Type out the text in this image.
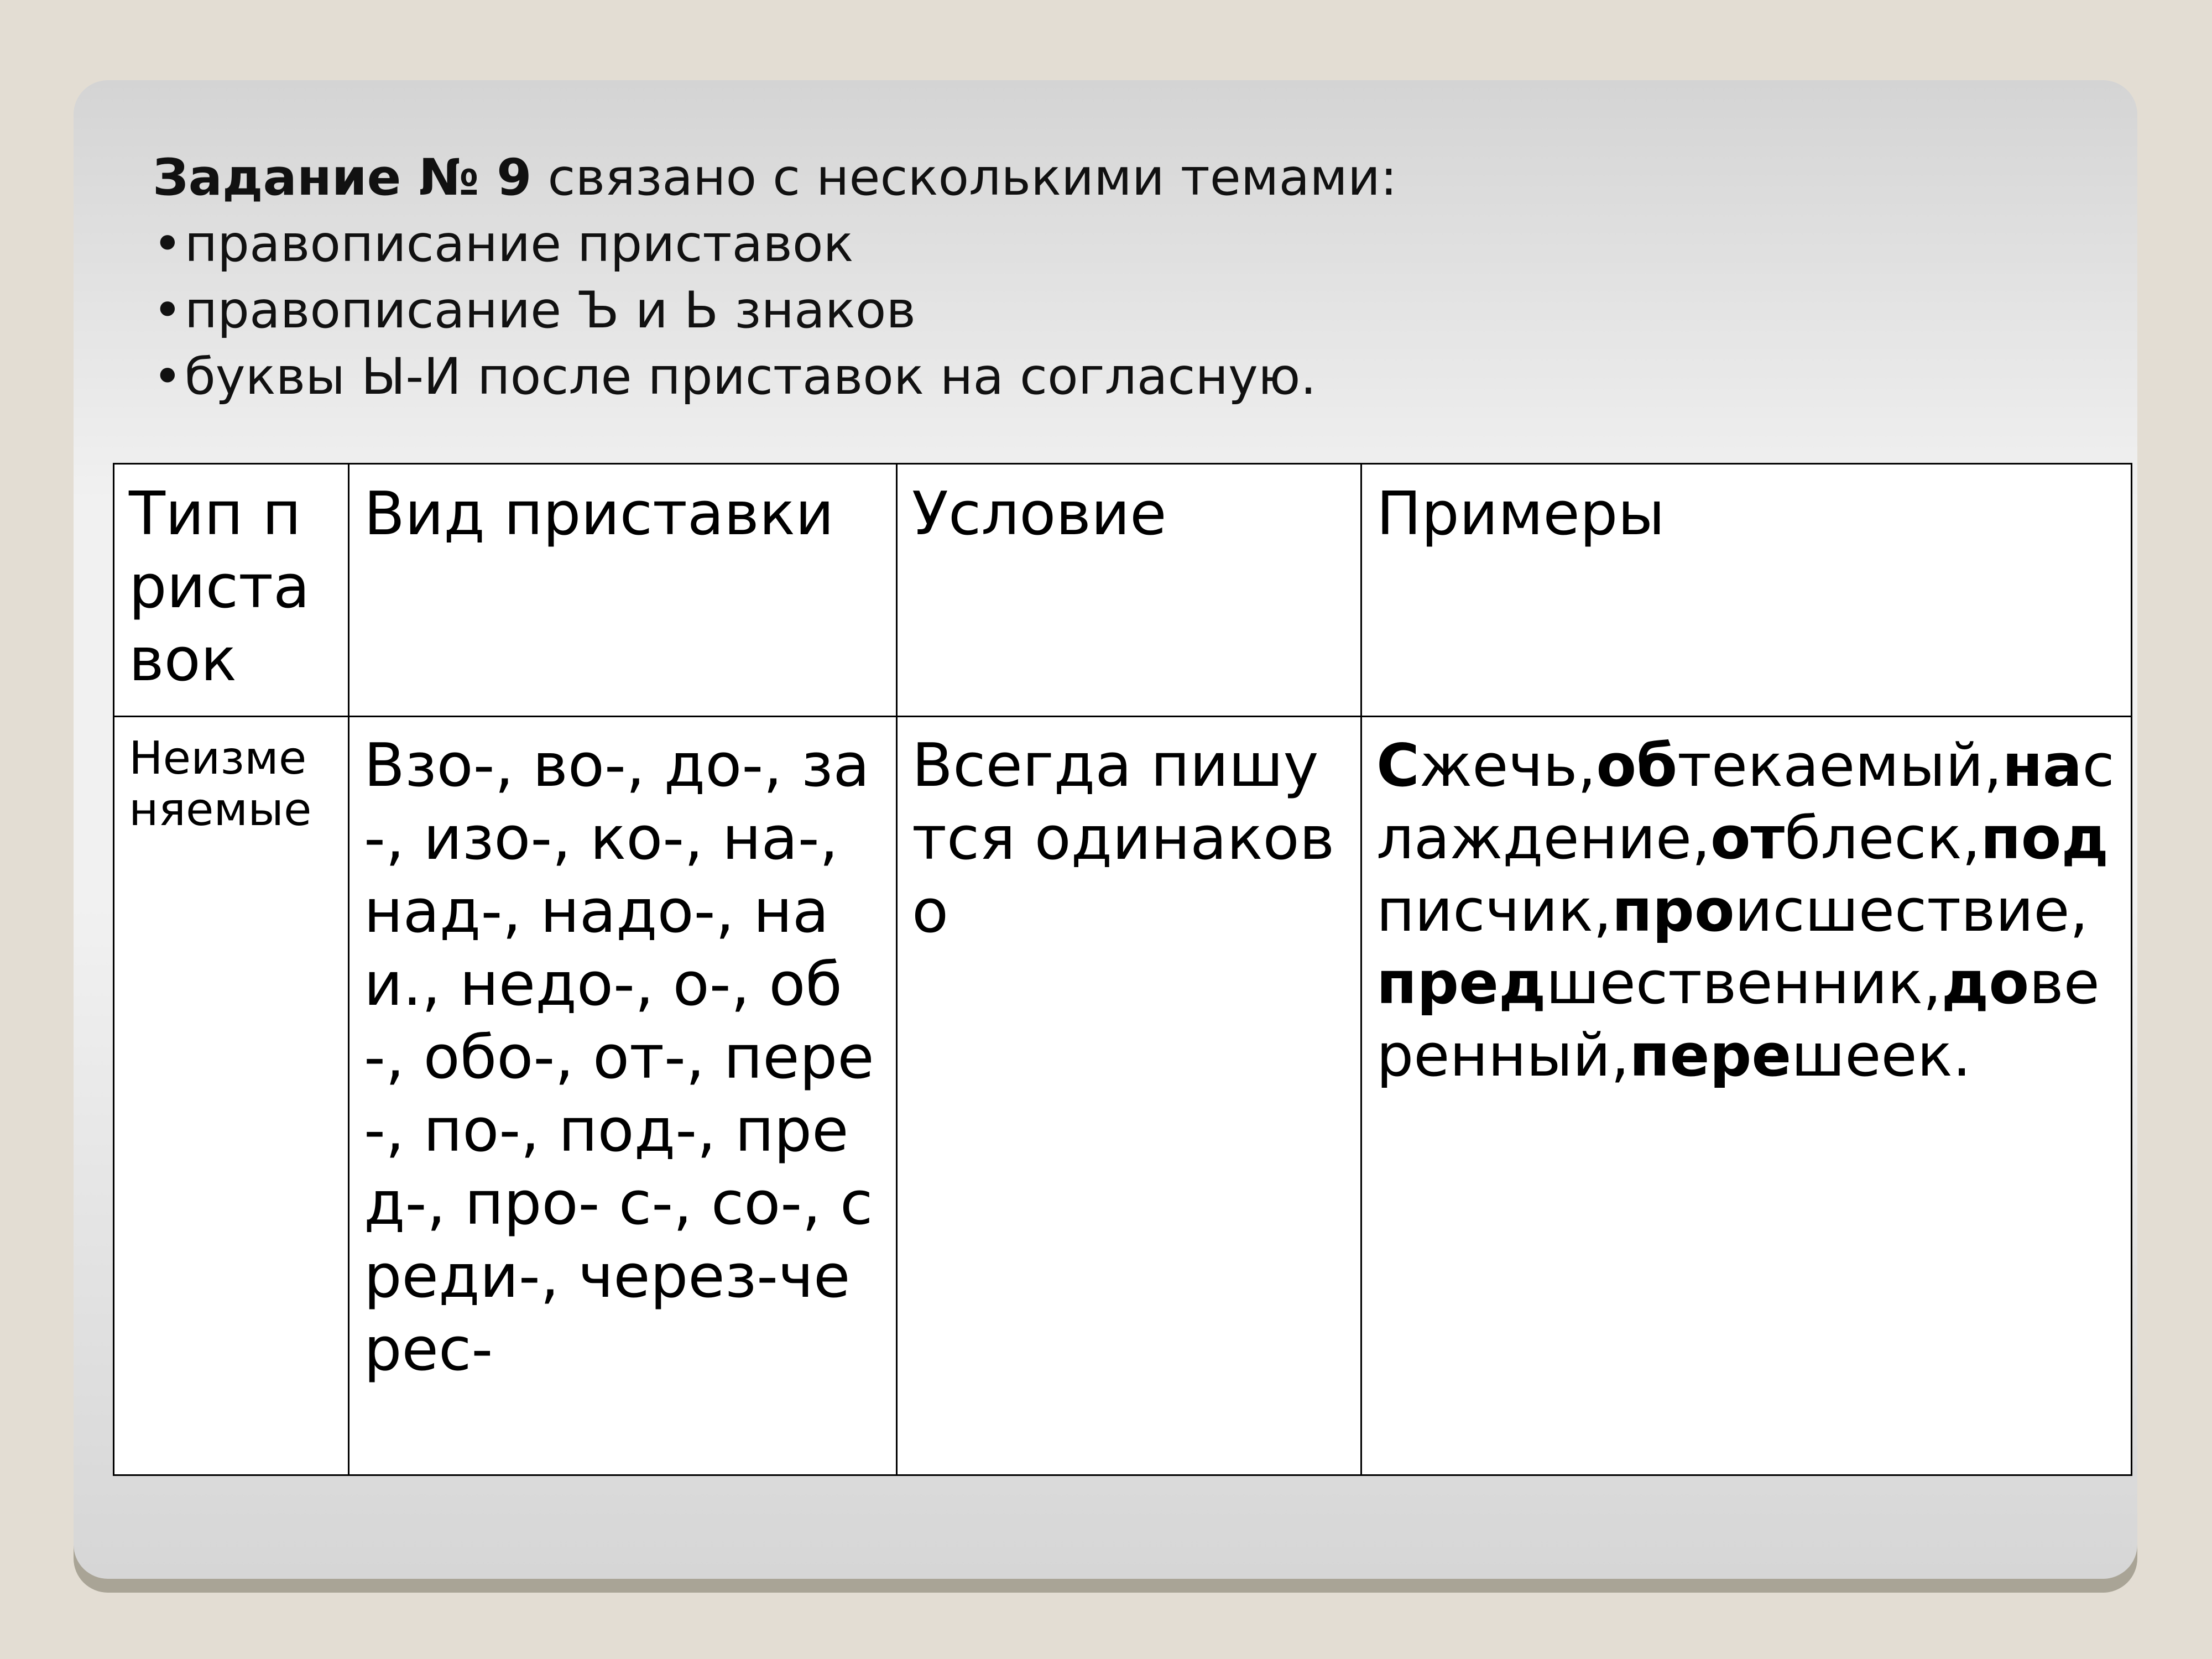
Задание № 9 связано с несколькими темами:
•правописание приставок
•правописание Ъ и Ь знаков
•буквы Ы-И после приставок на согласную.
Тип приставок	Вид приставки	Условие	Примеры
Неизменяемые	Взо-, во-, до-, за-, изо-, ко-, на-, над-, надо-, наи., недо-, о-, об-, обо-, от-, пере-, по-, под-, пред-, про- с-, со-, среди-, через-черес-	Всегда пишутся одинаково	Сжечь,обтекаемый,наслаждение,отблеск,подписчик,происшествие,предшественник,доверенный,перешеек.
